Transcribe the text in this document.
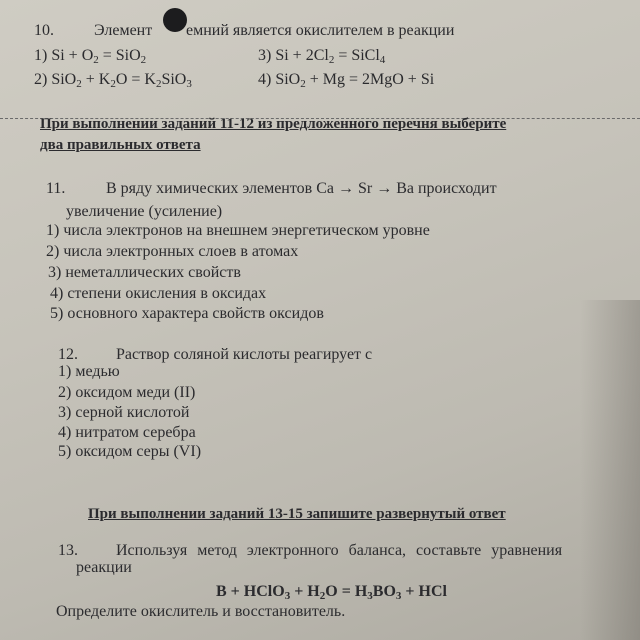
10.	Элемент емний является окислителем в реакции
1) $Si + O_2 = SiO_2$	3) $Si + 2Cl_2$ = SiCl$_4$
2) $SiO_2 + K_2O = K_2SiO_3$	4) SiO$_2$ + Mg = 2MgO + Si
При выполнении заданий 11-12 из предложенного перечня выберите
два правильных ответа
11.	В ряду химических элементов Ca → Sr → Ba происходит
увеличение (усиление)
1) числа электронов на внешнем энергетическом уровне
2) числа электронных слоев в атомах
3) неметаллических свойств
4) степени окисления в оксидах
5) основного характера свойств оксидов
12. Раствор соляной кислоты реагирует с
1) медью
2) оксидом меди (II)
3) серной кислотой
4) нитратом серебра
5) оксидом серы (VI)
При выполнении заданий 13-15 запишите развернутый ответ
13. Используя метод электронного баланса, составьте уравнения
реакции
B + HClO$_3$ + $H_2O = H_3BO_3$ + HCl
Определите окислитель и восстановитель.
